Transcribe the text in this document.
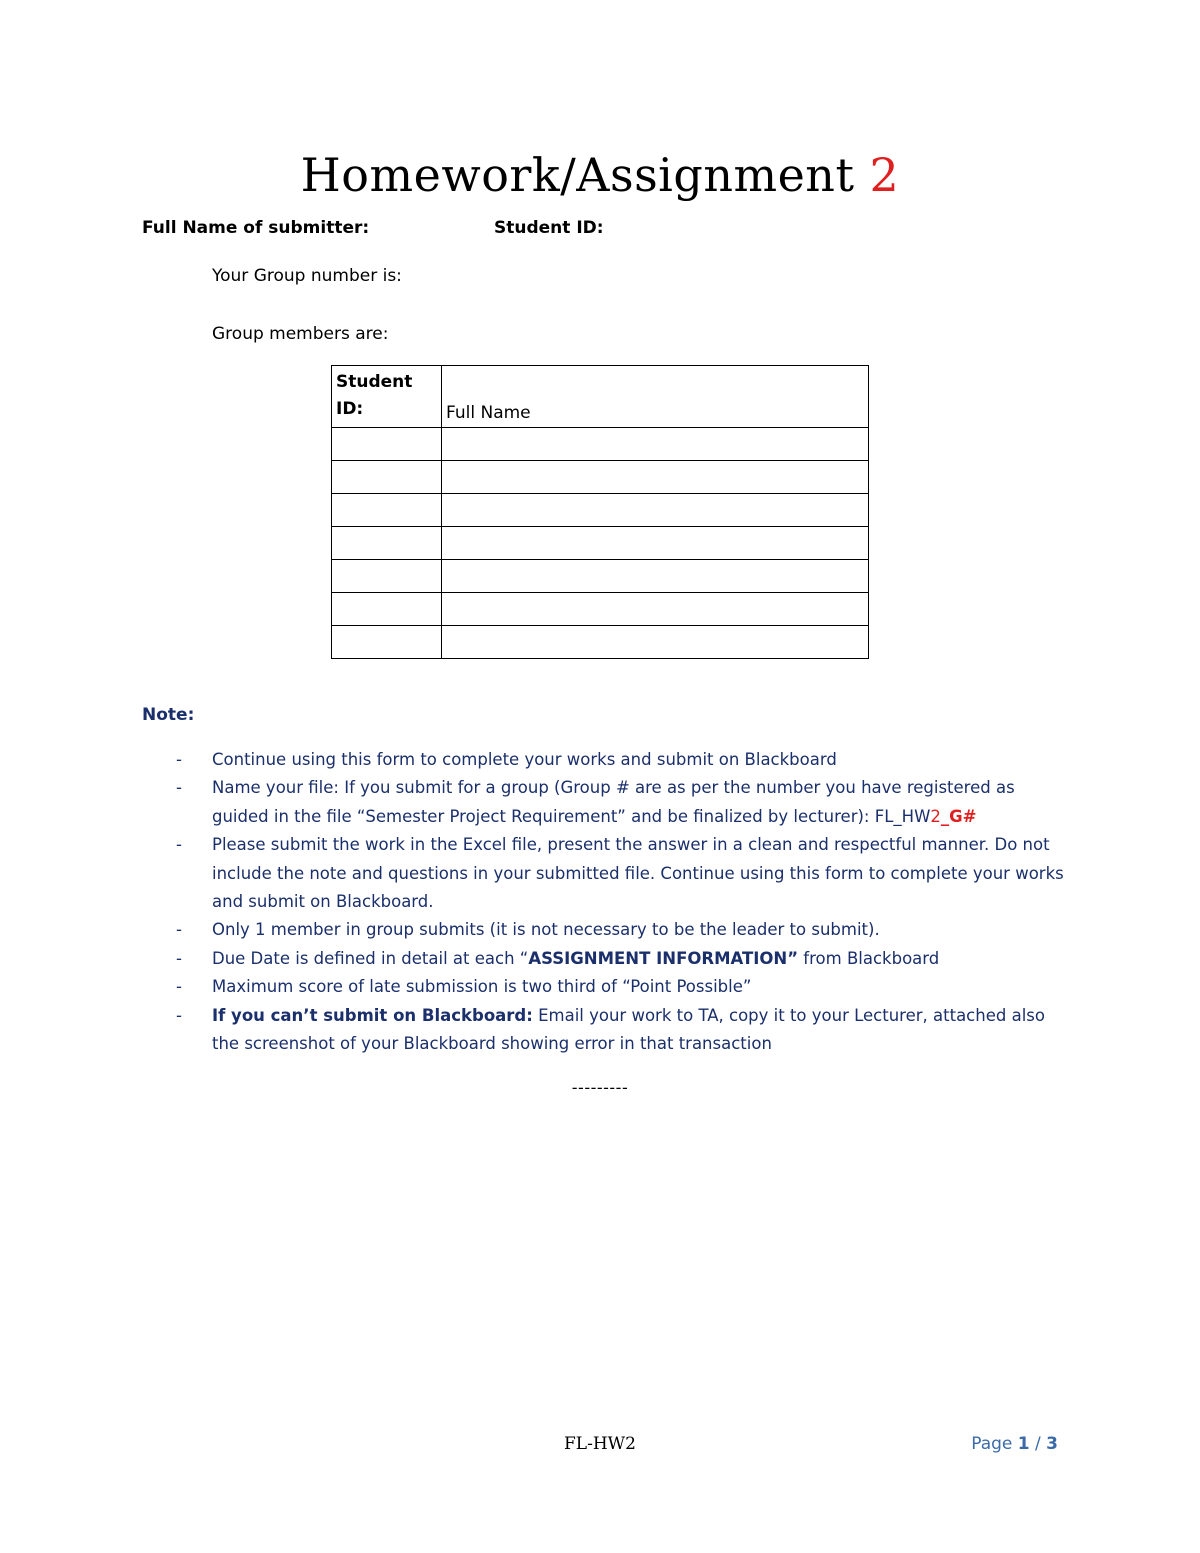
Homework/Assignment 2
Full Name of submitter:	Student ID:
Your Group number is:
Group members are:
Student
ID:	Full Name

Note:
- Continue using this form to complete your works and submit on Blackboard
- Name your file: If you submit for a group (Group # are as per the number you have registered as guided in the file “Semester Project Requirement” and be finalized by lecturer): FL_HW2_G#
- Please submit the work in the Excel file, present the answer in a clean and respectful manner. Do not include the note and questions in your submitted file. Continue using this form to complete your works and submit on Blackboard.
- Only 1 member in group submits (it is not necessary to be the leader to submit).
- Due Date is defined in detail at each “ASSIGNMENT INFORMATION” from Blackboard
- Maximum score of late submission is two third of “Point Possible”
- If you can’t submit on Blackboard: Email your work to TA, copy it to your Lecturer, attached also the screenshot of your Blackboard showing error in that transaction
---------
FL-HW2	Page 1 / 3
